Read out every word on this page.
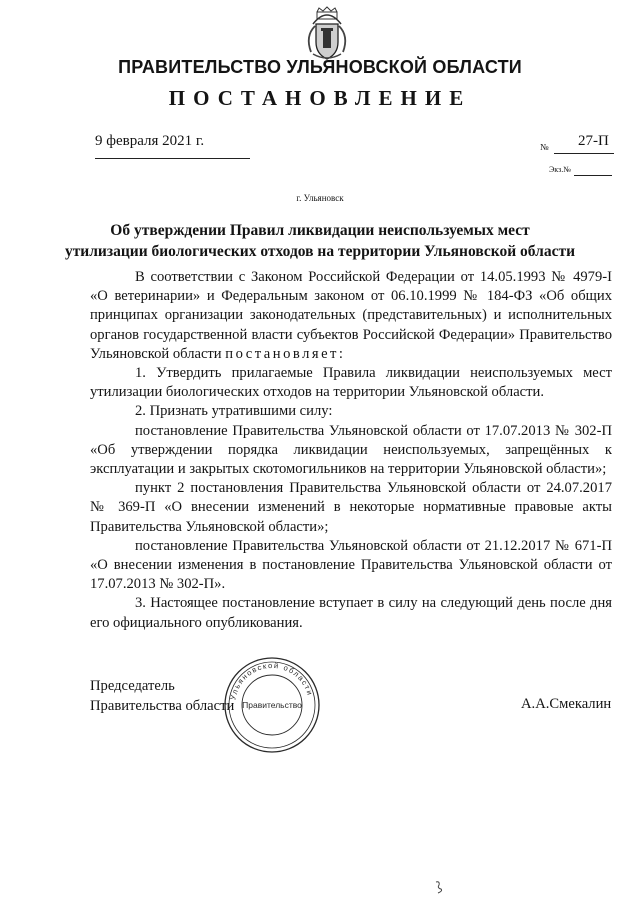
ПРАВИТЕЛЬСТВО УЛЬЯНОВСКОЙ ОБЛАСТИ
ПОСТАНОВЛЕНИЕ
9 февраля 2021 г.	№ 27-П
Экз.№
г. Ульяновск
Об утверждении Правил ликвидации неиспользуемых мест
утилизации биологических отходов на территории Ульяновской области

В соответствии с Законом Российской Федерации от 14.05.1993 № 4979-I «О ветеринарии» и Федеральным законом от 06.10.1999 № 184-ФЗ «Об общих принципах организации законодательных (представительных) и исполнительных органов государственной власти субъектов Российской Федерации» Правительство Ульяновской области постановляет:

1. Утвердить прилагаемые Правила ликвидации неиспользуемых мест утилизации биологических отходов на территории Ульяновской области.

2. Признать утратившими силу:

постановление Правительства Ульяновской области от 17.07.2013 № 302-П «Об утверждении порядка ликвидации неиспользуемых, запрещённых к эксплуатации и закрытых скотомогильников на территории Ульяновской области»;

пункт 2 постановления Правительства Ульяновской области от 24.07.2017 № 369-П «О внесении изменений в некоторые нормативные правовые акты Правительства Ульяновской области»;

постановление Правительства Ульяновской области от 21.12.2017 № 671-П «О внесении изменения в постановление Правительства Ульяновской области от 17.07.2013 № 302-П».

3. Настоящее постановление вступает в силу на следующий день после дня его официального опубликования.

Председатель
Правительства области	А.А.Смекалин
Ульяновской области
Правительство
